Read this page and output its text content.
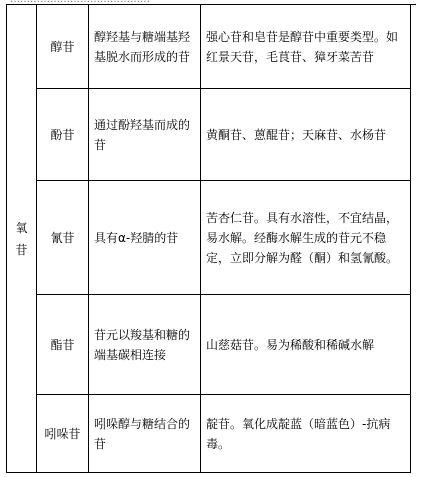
氧苷	醇苷	醇羟基与糖端基羟基脱水而形成的苷	强心苷和皂苷是醇苷中重要类型。如红景天苷，毛茛苷、獐牙菜苦苷
	酚苷	通过酚羟基而成的苷	黄酮苷、蒽醌苷；天麻苷、水杨苷
	氰苷	具有α-羟腈的苷	苦杏仁苷。具有水溶性，不宜结晶，易水解。经酶水解生成的苷元不稳定，立即分解为醛（酮）和氢氰酸。
	酯苷	苷元以羧基和糖的端基碳相连接	山慈菇苷。易为稀酸和稀碱水解
	吲哚苷	吲哚醇与糖结合的苷	靛苷。氧化成靛蓝（暗蓝色）-抗病毒。
